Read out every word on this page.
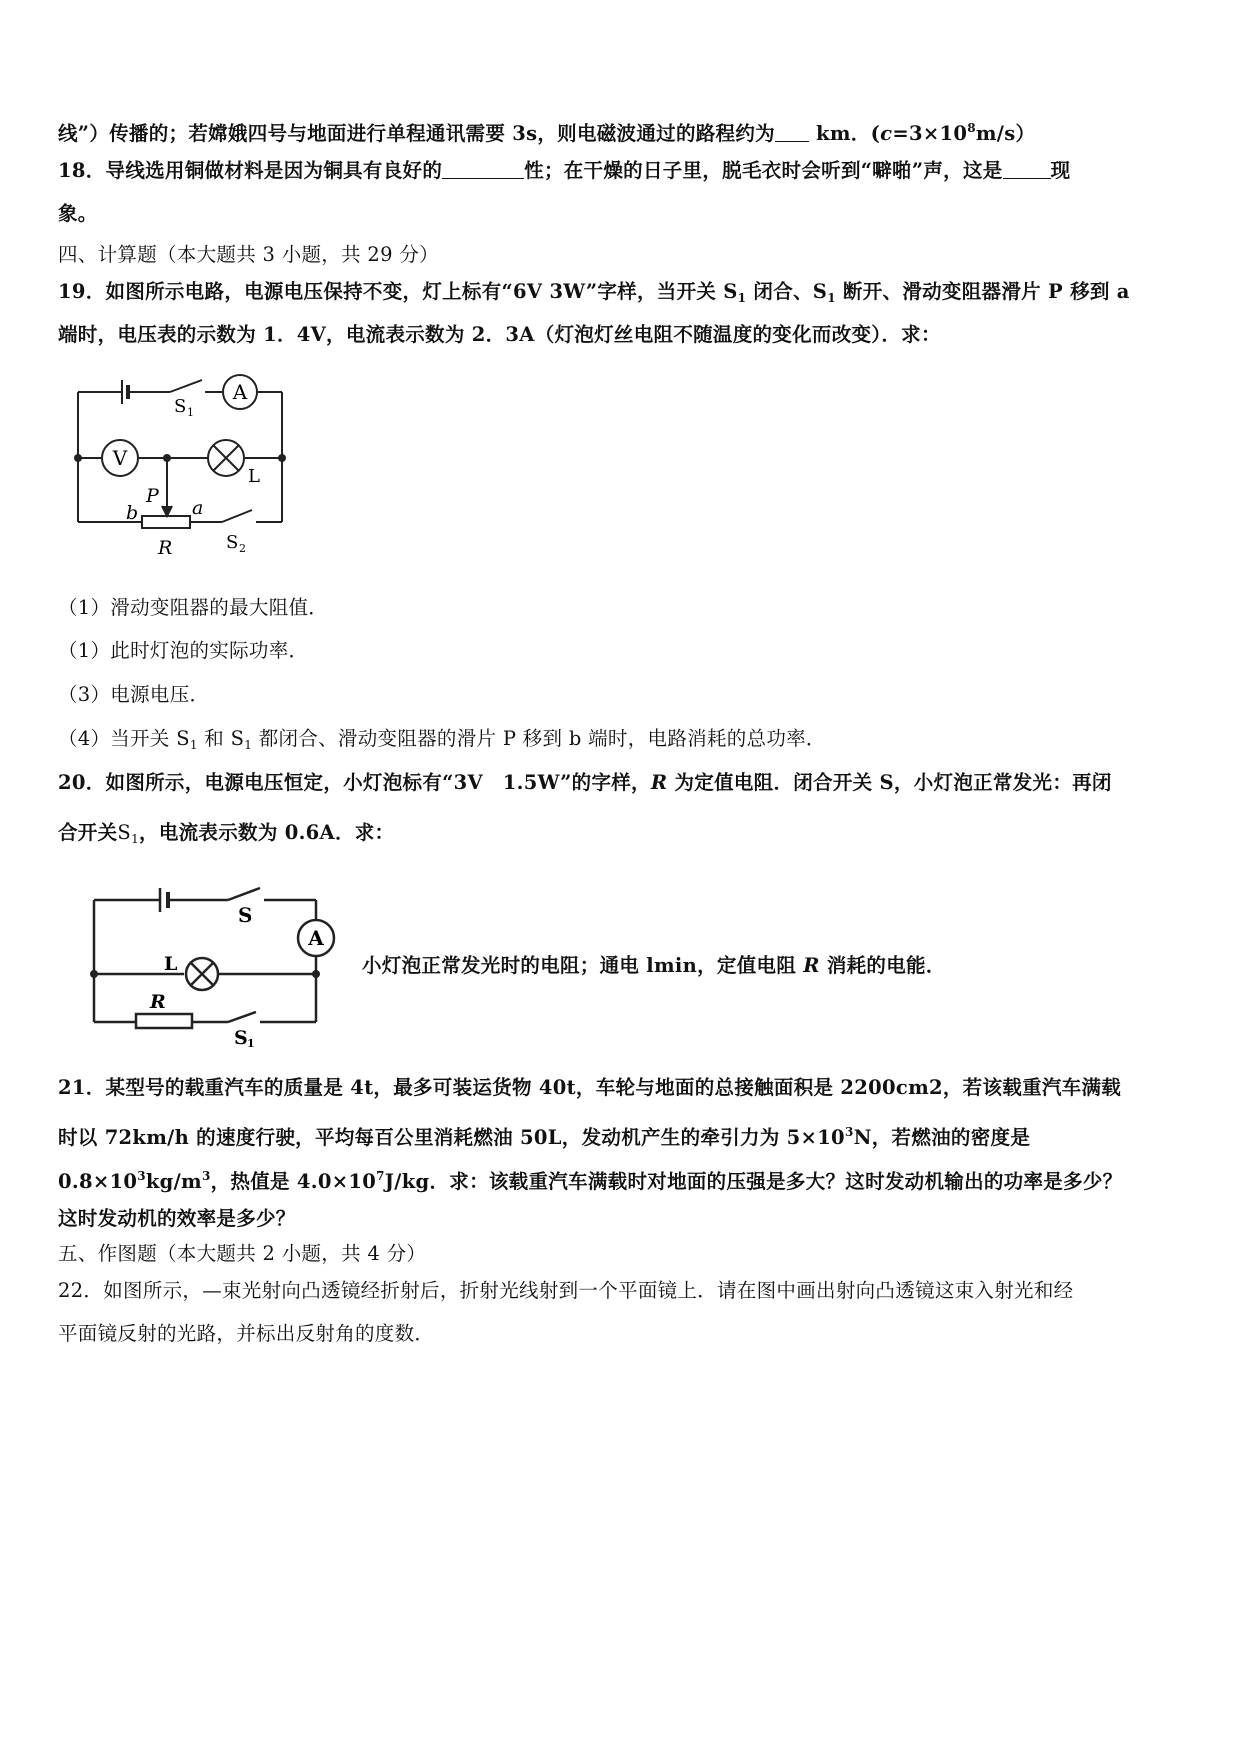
线”）传播的；若嫦娥四号与地面进行单程通讯需要 3s，则电磁波通过的路程约为 km．$(c=3\times 10^8m/s)$
18．导线选用铜做材料是因为铜具有良好的	性；在干燥的日子里，脱毛衣时会听到“噼啪”声，这是 现
象。
四、计算题（本大题共 3 小题，共 29 分）
19．如图所示电路，电源电压保持不变，灯上标有“6V 3W”字样，当开关 $S_1$ 闭合、$S_1$ 断开、滑动变阻器滑片 P 移到 a
端时，电压表的示数为 1．4V，电流表示数为 2．3A（灯泡灯丝电阻不随温度的变化而改变）．求：
A
V
L
S 1
S 2
P
a
b
R
（1）滑动变阻器的最大阻值．
（1）此时灯泡的实际功率．
（3）电源电压．
（4）当开关 $S_1$ 和 $S_1$ 都闭合、滑动变阻器的滑片 P 移到 b 端时，电路消耗的总功率．
20．如图所示，电源电压恒定，小灯泡标有“3V　1.5W”的字样，R 为定值电阻．闭合开关 S，小灯泡正常发光：再闭
合开关$S_1$，电流表示数为 0.6A．求：
S
A
L
R
S 1
小灯泡正常发光时的电阻；通电 lmin，定值电阻 R 消耗的电能．
21．某型号的载重汽车的质量是 4t，最多可装运货物 40t，车轮与地面的总接触面积是 2200cm2，若该载重汽车满载
时以 72km/h 的速度行驶，平均每百公里消耗燃油 50L，发动机产生的牵引力为 $5\times 10^3N$，若燃油的密度是
$0.8\times 10^3kg/m^3$，热值是 $4.0\times 10^7J/kg$．求：该载重汽车满载时对地面的压强是多大？这时发动机输出的功率是多少？
这时发动机的效率是多少？
五、作图题（本大题共 2 小题，共 4 分）
22．如图所示，—束光射向凸透镜经折射后，折射光线射到一个平面镜上．请在图中画出射向凸透镜这束入射光和经
平面镜反射的光路，并标出反射角的度数．
